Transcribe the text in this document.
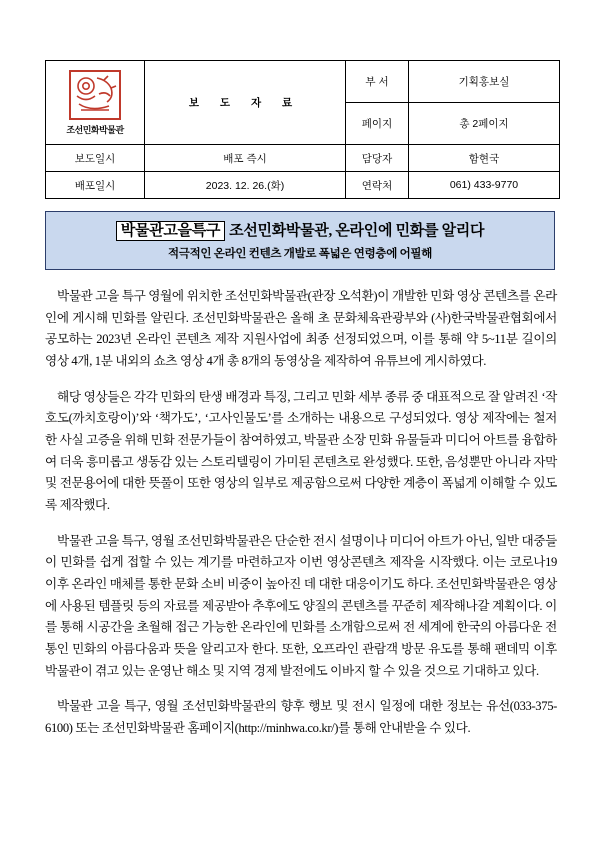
조선민화박물관	보 도 자 료	부 서	기획홍보실
		페이지	총 2페이지
보도일시	배포 즉시	담당자	함현국
배포일시	2023. 12. 26.(화)	연락처	061) 433-9770
박물관고을특구 조선민화박물관, 온라인에 민화를 알리다
적극적인 온라인 컨텐츠 개발로 폭넓은 연령층에 어필해

박물관 고을 특구 영월에 위치한 조선민화박물관(관장 오석환)이 개발한 민화 영상 콘텐츠를 온라인에 게시해 민화를 알린다. 조선민화박물관은 올해 초 문화체육관광부와 (사)한국박물관협회에서 공모하는 2023년 온라인 콘텐츠 제작 지원사업에 최종 선정되었으며, 이를 통해 약 5~11분 길이의 영상 4개, 1분 내외의 쇼츠 영상 4개 총 8개의 동영상을 제작하여 유튜브에 게시하였다.

해당 영상들은 각각 민화의 탄생 배경과 특징, 그리고 민화 세부 종류 중 대표적으로 잘 알려진 ‘작호도(까치호랑이)’와 ‘책가도’, ‘고사인물도’를 소개하는 내용으로 구성되었다. 영상 제작에는 철저한 사실 고증을 위해 민화 전문가들이 참여하였고, 박물관 소장 민화 유물들과 미디어 아트를 융합하여 더욱 흥미롭고 생동감 있는 스토리텔링이 가미된 콘텐츠로 완성했다. 또한, 음성뿐만 아니라 자막 및 전문용어에 대한 뜻풀이 또한 영상의 일부로 제공함으로써 다양한 계층이 폭넓게 이해할 수 있도록 제작했다.

박물관 고을 특구, 영월 조선민화박물관은 단순한 전시 설명이나 미디어 아트가 아닌, 일반 대중들이 민화를 쉽게 접할 수 있는 계기를 마련하고자 이번 영상콘텐츠 제작을 시작했다. 이는 코로나19 이후 온라인 매체를 통한 문화 소비 비중이 높아진 데 대한 대응이기도 하다. 조선민화박물관은 영상에 사용된 템플릿 등의 자료를 제공받아 추후에도 양질의 콘텐츠를 꾸준히 제작해나갈 계획이다. 이를 통해 시공간을 초월해 접근 가능한 온라인에 민화를 소개함으로써 전 세계에 한국의 아름다운 전통인 민화의 아름다움과 뜻을 알리고자 한다. 또한, 오프라인 관람객 방문 유도를 통해 팬데믹 이후 박물관이 겪고 있는 운영난 해소 및 지역 경제 발전에도 이바지 할 수 있을 것으로 기대하고 있다.

박물관 고을 특구, 영월 조선민화박물관의 향후 행보 및 전시 일정에 대한 정보는 유선(033-375-6100) 또는 조선민화박물관 홈페이지(http://minhwa.co.kr/)를 통해 안내받을 수 있다.
